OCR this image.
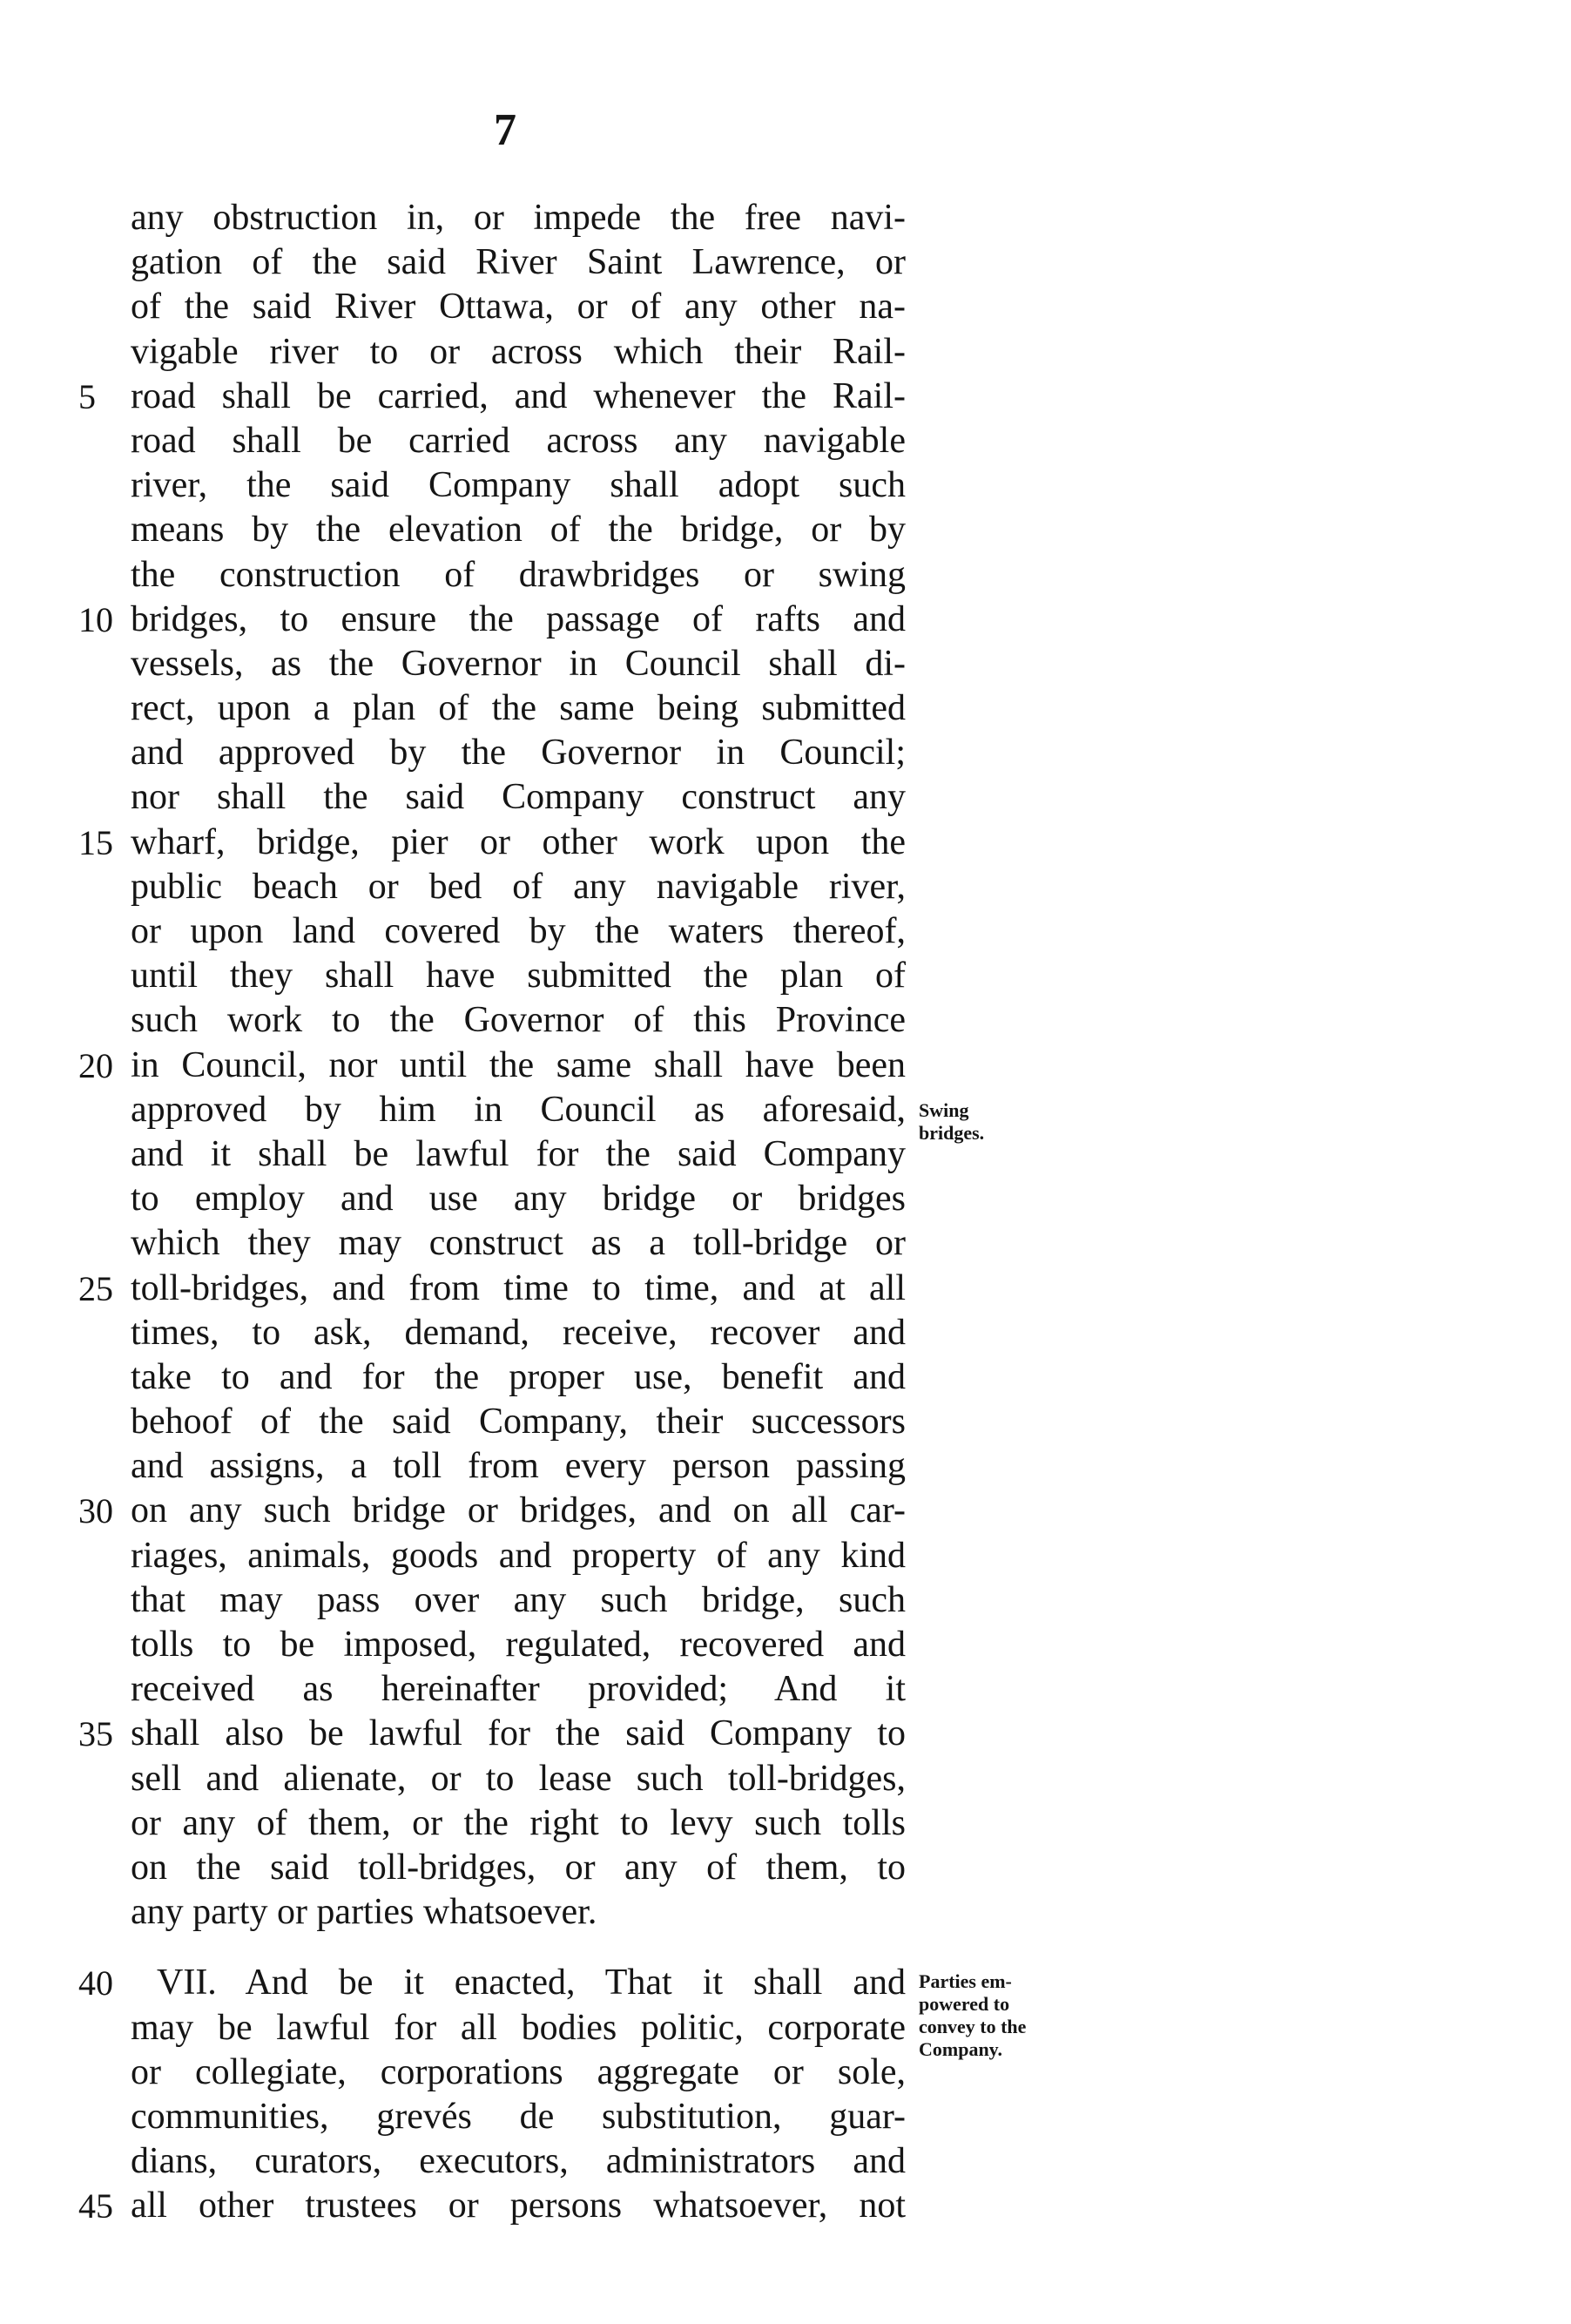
7
any obstruction in, or impede the free navi-
gation of the said River Saint Lawrence, or
of the said River Ottawa, or of any other na-
vigable river to or across which their Rail-
5 road shall be carried, and whenever the Rail-
road shall be carried across any navigable
river, the said Company shall adopt such
means by the elevation of the bridge, or by
the construction of drawbridges or swing
10 bridges, to ensure the passage of rafts and
vessels, as the Governor in Council shall di-
rect, upon a plan of the same being submitted
and approved by the Governor in Council;
nor shall the said Company construct any
15 wharf, bridge, pier or other work upon the
public beach or bed of any navigable river,
or upon land covered by the waters thereof,
until they shall have submitted the plan of
such work to the Governor of this Province
20 in Council, nor until the same shall have been
approved by him in Council as aforesaid,
and it shall be lawful for the said Company
to employ and use any bridge or bridges
which they may construct as a toll-bridge or
25 toll-bridges, and from time to time, and at all
times, to ask, demand, receive, recover and
take to and for the proper use, benefit and
behoof of the said Company, their successors
and assigns, a toll from every person passing
30 on any such bridge or bridges, and on all car-
riages, animals, goods and property of any kind
that may pass over any such bridge, such
tolls to be imposed, regulated, recovered and
received as hereinafter provided; And it
35 shall also be lawful for the said Company to
sell and alienate, or to lease such toll-bridges,
or any of them, or the right to levy such tolls
on the said toll-bridges, or any of them, to
any party or parties whatsoever.
40	VII. And be it enacted, That it shall and
may be lawful for all bodies politic, corporate
or collegiate, corporations aggregate or sole,
communities, grevés de substitution, guar-
dians, curators, executors, administrators and
45 all other trustees or persons whatsoever, not
Swing
bridges.
Parties em-
powered to
convey to the
Company.
